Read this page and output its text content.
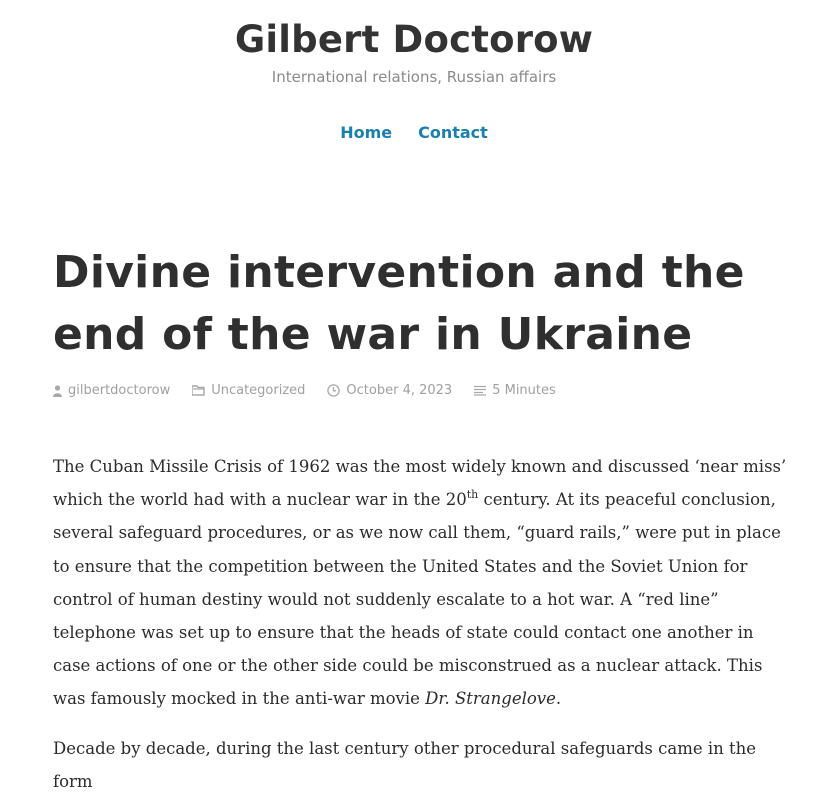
Gilbert Doctorow

International relations, Russian affairs

Home Contact
Divine intervention and the end of the war in Ukraine
gilbertdoctorow	Uncategorized	October 4, 2023	5 Minutes

The Cuban Missile Crisis of 1962 was the most widely known and discussed ‘near miss’ which the world had with a nuclear war in the 20th century. At its peaceful conclusion, several safeguard procedures, or as we now call them, “guard rails,” were put in place to ensure that the competition between the United States and the Soviet Union for control of human destiny would not suddenly escalate to a hot war. A “red line” telephone was set up to ensure that the heads of state could contact one another in case actions of one or the other side could be misconstrued as a nuclear attack. This was famously mocked in the anti-war movie Dr. Strangelove.

Decade by decade, during the last century other procedural safeguards came in the form
